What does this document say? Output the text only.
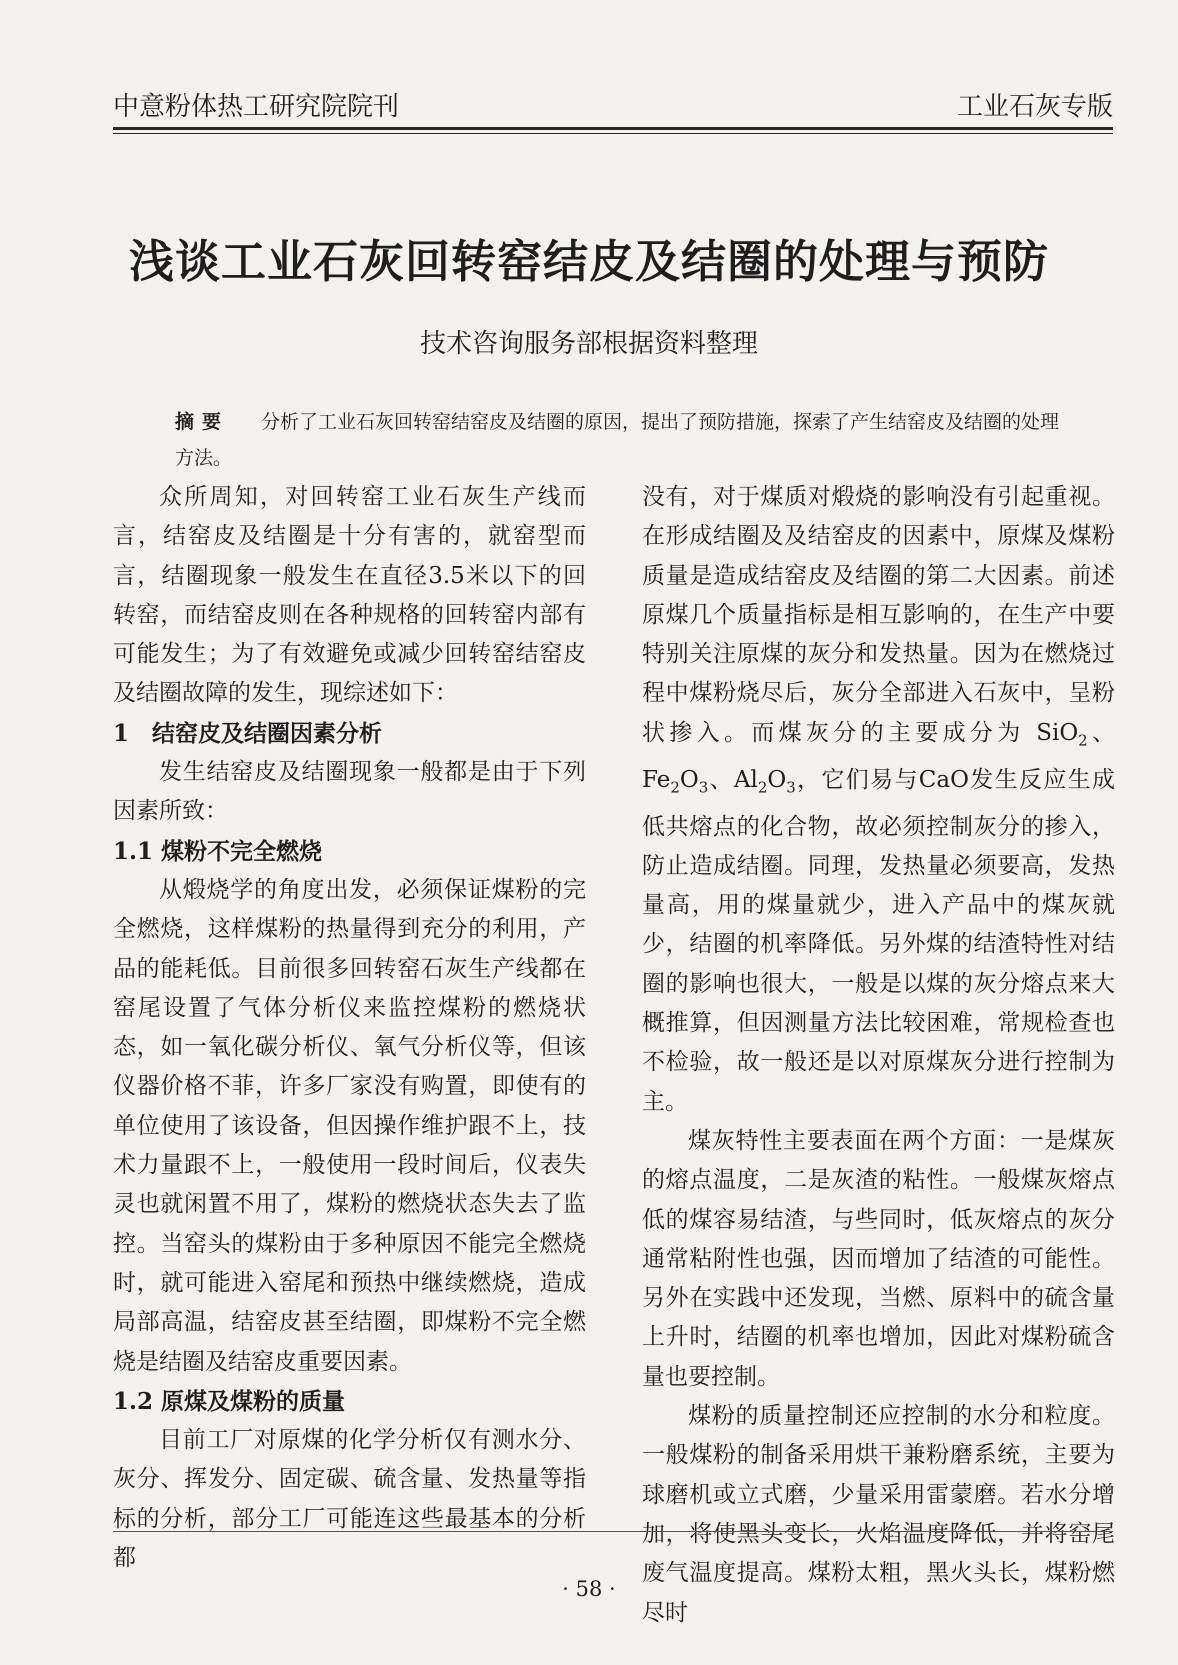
中意粉体热工研究院院刊	工业石灰专版
浅谈工业石灰回转窑结皮及结圈的处理与预防
技术咨询服务部根据资料整理
摘要 分析了工业石灰回转窑结窑皮及结圈的原因，提出了预防措施，探索了产生结窑皮及结圈的处理方法。

众所周知，对回转窑工业石灰生产线而言，结窑皮及结圈是十分有害的，就窑型而言，结圈现象一般发生在直径3.5米以下的回转窑，而结窑皮则在各种规格的回转窑内部有可能发生；为了有效避免或减少回转窑结窑皮及结圈故障的发生，现综述如下：

1　结窑皮及结圈因素分析

发生结窑皮及结圈现象一般都是由于下列因素所致：

1.1 煤粉不完全燃烧

从煅烧学的角度出发，必须保证煤粉的完全燃烧，这样煤粉的热量得到充分的利用，产品的能耗低。目前很多回转窑石灰生产线都在窑尾设置了气体分析仪来监控煤粉的燃烧状态，如一氧化碳分析仪、氧气分析仪等，但该仪器价格不菲，许多厂家没有购置，即使有的单位使用了该设备，但因操作维护跟不上，技术力量跟不上，一般使用一段时间后，仪表失灵也就闲置不用了，煤粉的燃烧状态失去了监控。当窑头的煤粉由于多种原因不能完全燃烧时，就可能进入窑尾和预热中继续燃烧，造成局部高温，结窑皮甚至结圈，即煤粉不完全燃烧是结圈及结窑皮重要因素。

1.2 原煤及煤粉的质量

目前工厂对原煤的化学分析仅有测水分、灰分、挥发分、固定碳、硫含量、发热量等指标的分析，部分工厂可能连这些最基本的分析都

没有，对于煤质对煅烧的影响没有引起重视。在形成结圈及及结窑皮的因素中，原煤及煤粉质量是造成结窑皮及结圈的第二大因素。前述原煤几个质量指标是相互影响的，在生产中要特别关注原煤的灰分和发热量。因为在燃烧过程中煤粉烧尽后，灰分全部进入石灰中，呈粉状掺入。而煤灰分的主要成分为 SiO$_2$、$Fe_2O_3$、$Al_2O_3$，它们易与CaO发生反应生成低共熔点的化合物，故必须控制灰分的掺入，防止造成结圈。同理，发热量必须要高，发热量高，用的煤量就少，进入产品中的煤灰就少，结圈的机率降低。另外煤的结渣特性对结圈的影响也很大，一般是以煤的灰分熔点来大概推算，但因测量方法比较困难，常规检查也不检验，故一般还是以对原煤灰分进行控制为主。

煤灰特性主要表面在两个方面：一是煤灰的熔点温度，二是灰渣的粘性。一般煤灰熔点低的煤容易结渣，与些同时，低灰熔点的灰分通常粘附性也强，因而增加了结渣的可能性。另外在实践中还发现，当燃、原料中的硫含量上升时，结圈的机率也增加，因此对煤粉硫含量也要控制。

煤粉的质量控制还应控制的水分和粒度。一般煤粉的制备采用烘干兼粉磨系统，主要为球磨机或立式磨，少量采用雷蒙磨。若水分增加，将使黑头变长，火焰温度降低，并将窑尾废气温度提高。煤粉太粗，黑火头长，煤粉燃尽时

· 58 ·
